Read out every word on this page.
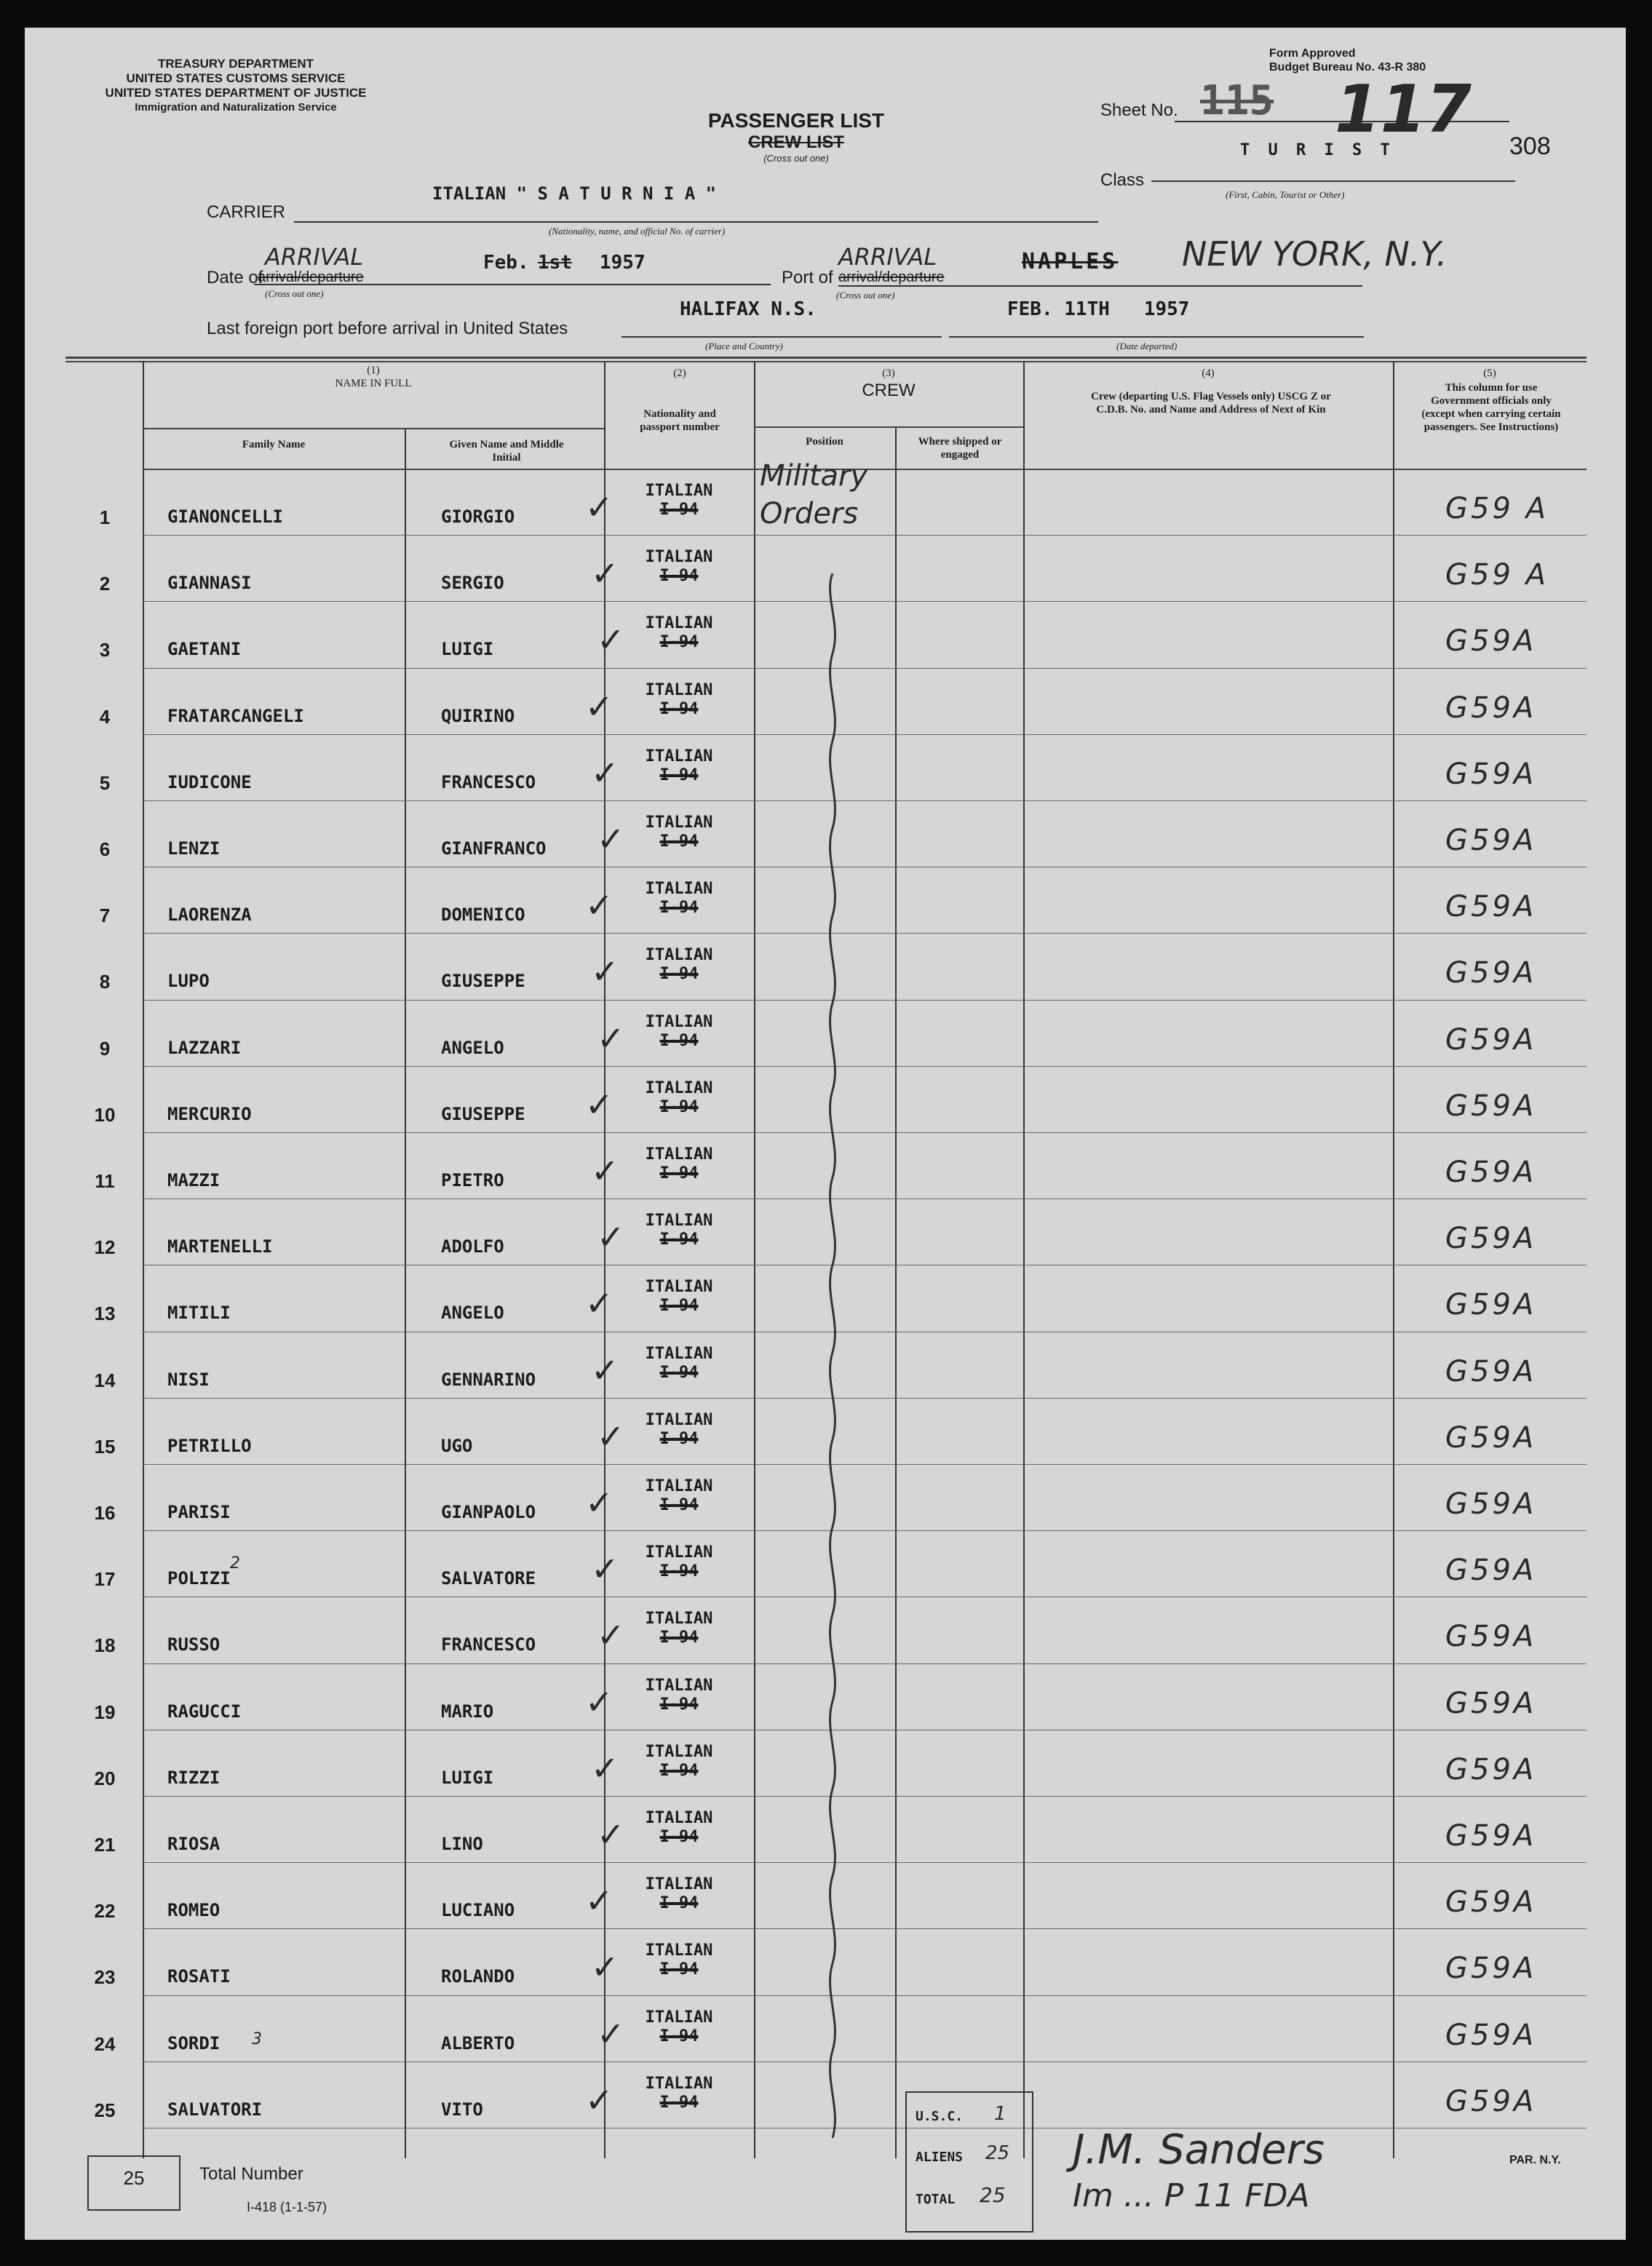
TREASURY DEPARTMENT
UNITED STATES CUSTOMS SERVICE
UNITED STATES DEPARTMENT OF JUSTICE
Immigration and Naturalization Service
Form Approved
Budget Bureau No. 43-R 380
PASSENGER LIST
CREW LIST
(Cross out one)
Sheet No. 115 117 308
T U R I S T
Class
(First, Cabin, Tourist or Other)
CARRIER
ITALIAN " S A T U R N I A "
(Nationality, name, and official No. of carrier)
Date of
ARRIVAL
arrival/departure
Feb. 1st 1957
(Cross out one)
Port of
ARRIVAL
arrival/departure
NAPLES NEW YORK, N.Y.
(Cross out one)
Last foreign port before arrival in United States
HALIFAX N.S.
(Place and Country)
FEB. 11TH   1957
(Date departed)
(1)
NAME IN FULL
Family Name	Given Name and Middle Initial
(2)
Nationality and passport number
(3)
CREW
Position	Where shipped or engaged
(4)
Crew (departing U.S. Flag Vessels only) USCG Z or C.D.B. No. and Name and Address of Next of Kin
(5)
This column for use Government officials only (except when carrying certain passengers. See Instructions)
Military
Orders
1	GIANONCELLI	GIORGIO
ITALIAN
I-94
✓	G59 A
2	GIANNASI	SERGIO
ITALIAN
I-94
✓	G59 A
3	GAETANI	LUIGI
ITALIAN
I-94
✓	G59A
4	FRATARCANGELI	QUIRINO
ITALIAN
I-94
✓	G59A
5	IUDICONE	FRANCESCO
ITALIAN
I-94
✓	G59A
6	LENZI	GIANFRANCO
ITALIAN
I-94
✓	G59A
7	LAORENZA	DOMENICO
ITALIAN
I-94
✓	G59A
8	LUPO	GIUSEPPE
ITALIAN
I-94
✓	G59A
9	LAZZARI	ANGELO
ITALIAN
I-94
✓	G59A
10	MERCURIO	GIUSEPPE
ITALIAN
I-94
✓	G59A
11	MAZZI	PIETRO
ITALIAN
I-94
✓	G59A
12	MARTENELLI	ADOLFO
ITALIAN
I-94
✓	G59A
13	MITILI	ANGELO
ITALIAN
I-94
✓	G59A
14	NISI	GENNARINO
ITALIAN
I-94
✓	G59A
15	PETRILLO	UGO
ITALIAN
I-94
✓	G59A
16	PARISI	GIANPAOLO
ITALIAN
I-94
✓	G59A
17	POLIZI	SALVATORE
ITALIAN
I-94
✓	G59A
18	RUSSO	FRANCESCO
ITALIAN
I-94
✓	G59A
19	RAGUCCI	MARIO
ITALIAN
I-94
✓	G59A
20	RIZZI	LUIGI
ITALIAN
I-94
✓	G59A
21	RIOSA	LINO
ITALIAN
I-94
✓	G59A
22	ROMEO	LUCIANO
ITALIAN
I-94
✓	G59A
23	ROSATI	ROLANDO
ITALIAN
I-94
✓	G59A
24	SORDI	ALBERTO
ITALIAN
I-94
✓	G59A
25	SALVATORI	VITO
ITALIAN
I-94
✓	G59A
2
3
25	Total Number
I-418 (1-1-57)
U.S.C. 1
ALIENS 25
TOTAL 25
J.M. Sanders
Im ... P 11 FDA
PAR. N.Y.
